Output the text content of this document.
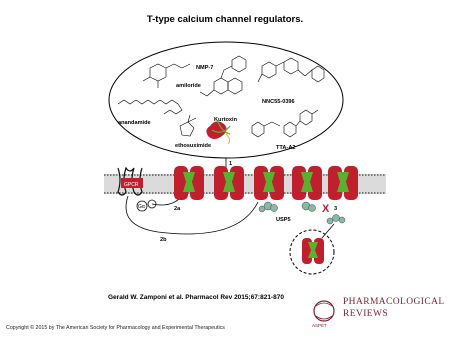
T-type calcium channel regulators.
amiloride
NMP-7
NNC55-0396
anandamide
ethosuximide
Kurtoxin
TTA-A2
1
GPCR
Gα	2a
2b
USP5
X 3
ASPET
Gerald W. Zamponi et al. Pharmacol Rev 2015;67:821-870	PHARMACOLOGICAL
REVIEWS
Copyright © 2015 by The American Society for Pharmacology and Experimental Therapeutics
